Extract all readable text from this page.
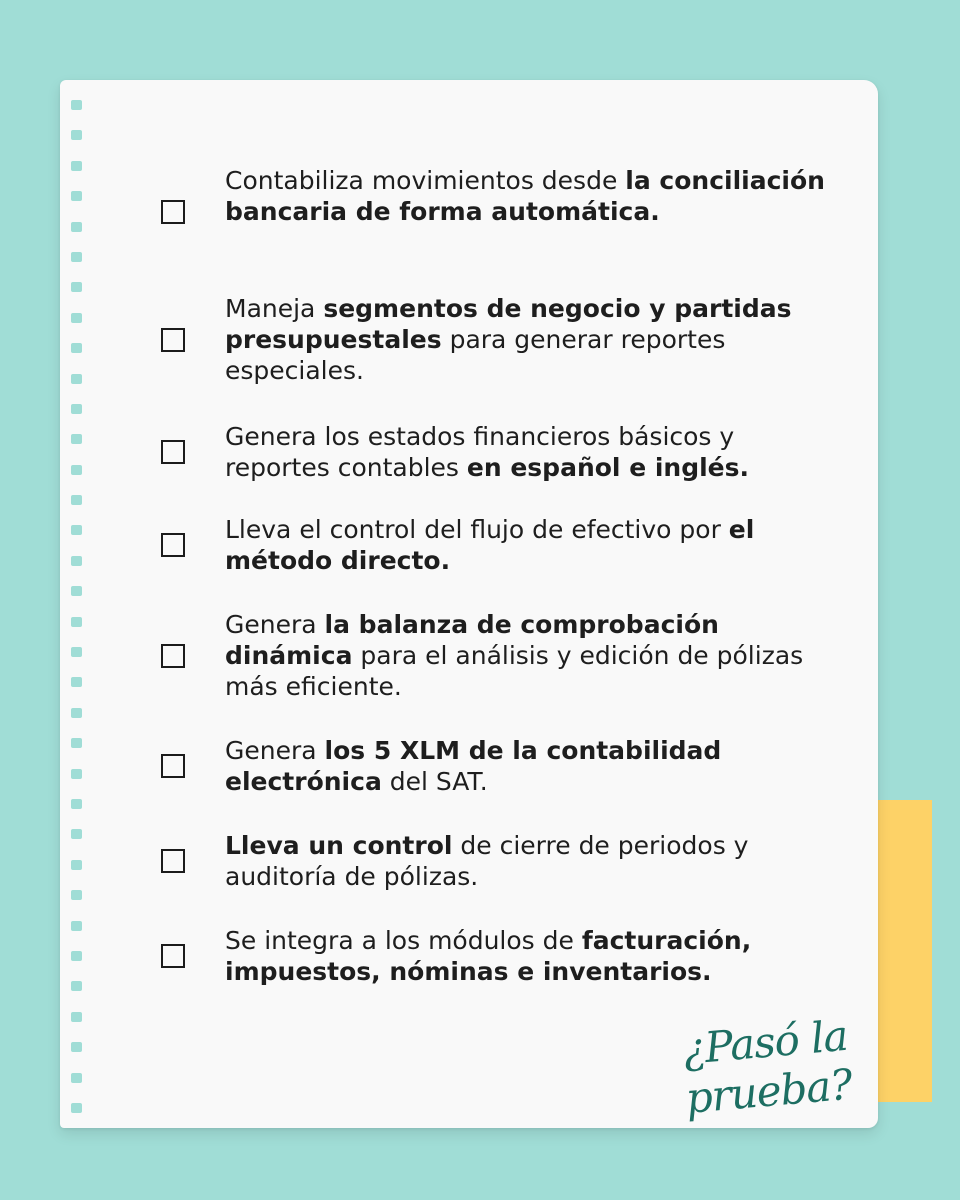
Contabiliza movimientos desde la conciliación bancaria de forma automática.
Maneja segmentos de negocio y partidas presupuestales para generar reportes especiales.
Genera los estados financieros básicos y reportes contables en español e inglés.
Lleva el control del flujo de efectivo por el método directo.
Genera la balanza de comprobación dinámica para el análisis y edición de pólizas más eficiente.
Genera los 5 XLM de la contabilidad electrónica del SAT.
Lleva un control de cierre de periodos y auditoría de pólizas.
Se integra a los módulos de facturación, impuestos, nóminas e inventarios.
¿Pasó la prueba?
